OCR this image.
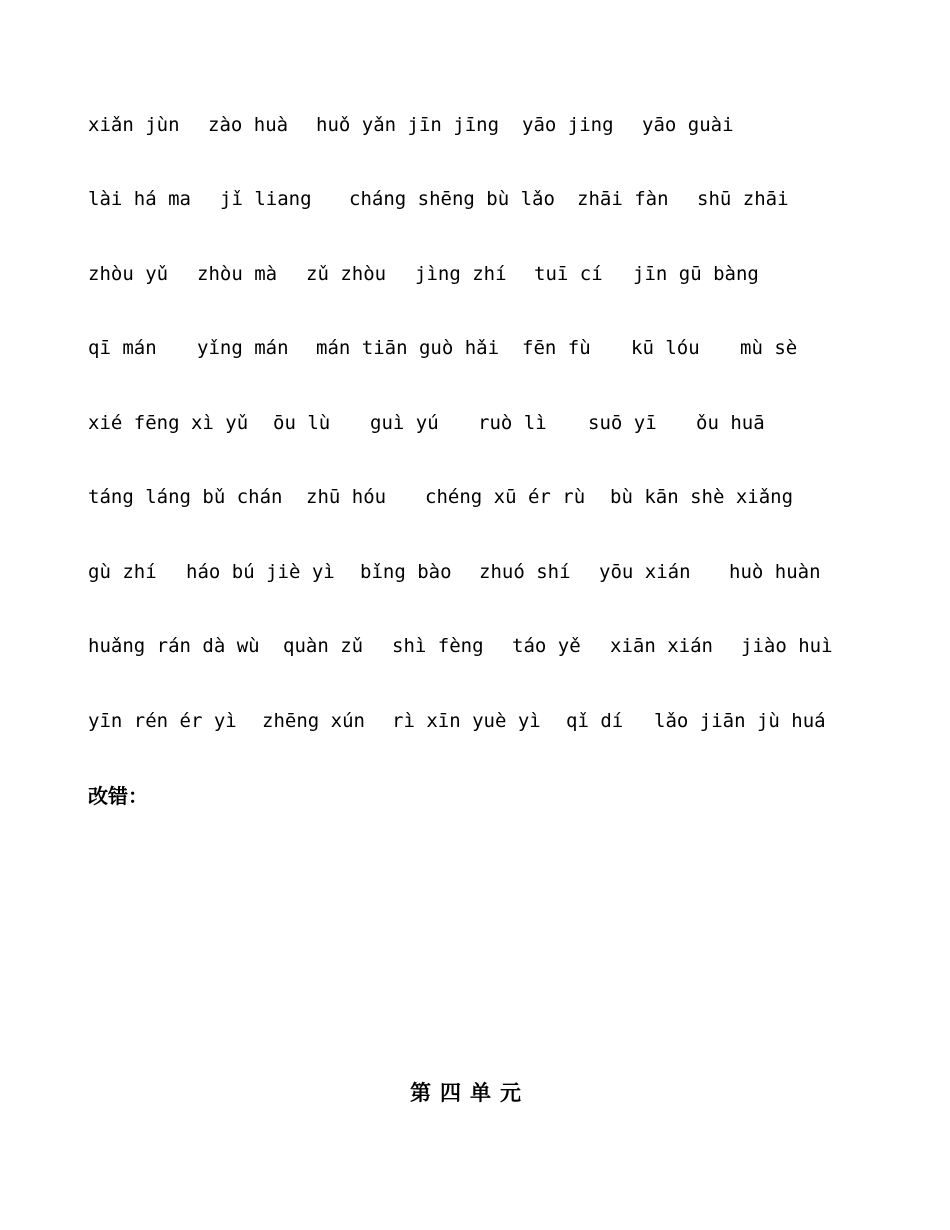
xiǎn jùn zào huà huǒ yǎn jīn jīng yāo jing yāo guài
lài há ma jǐ liang cháng shēng bù lǎo zhāi fàn shū zhāi
zhòu yǔ zhòu mà zǔ zhòu jìng zhí tuī cí jīn gū bàng
qī mán yǐng mán mán tiān guò hǎi fēn fù kū lóu mù sè
xié fēng xì yǔ ōu lù guì yú ruò lì suō yī ǒu huā
táng láng bǔ chán zhū hóu chéng xū ér rù bù kān shè xiǎng
gù zhí háo bú jiè yì bǐng bào zhuó shí yōu xián huò huàn
huǎng rán dà wù quàn zǔ shì fèng táo yě xiān xián jiào huì
yīn rén ér yì zhēng xún rì xīn yuè yì qǐ dí lǎo jiān jù huá
改错：
第四单元
